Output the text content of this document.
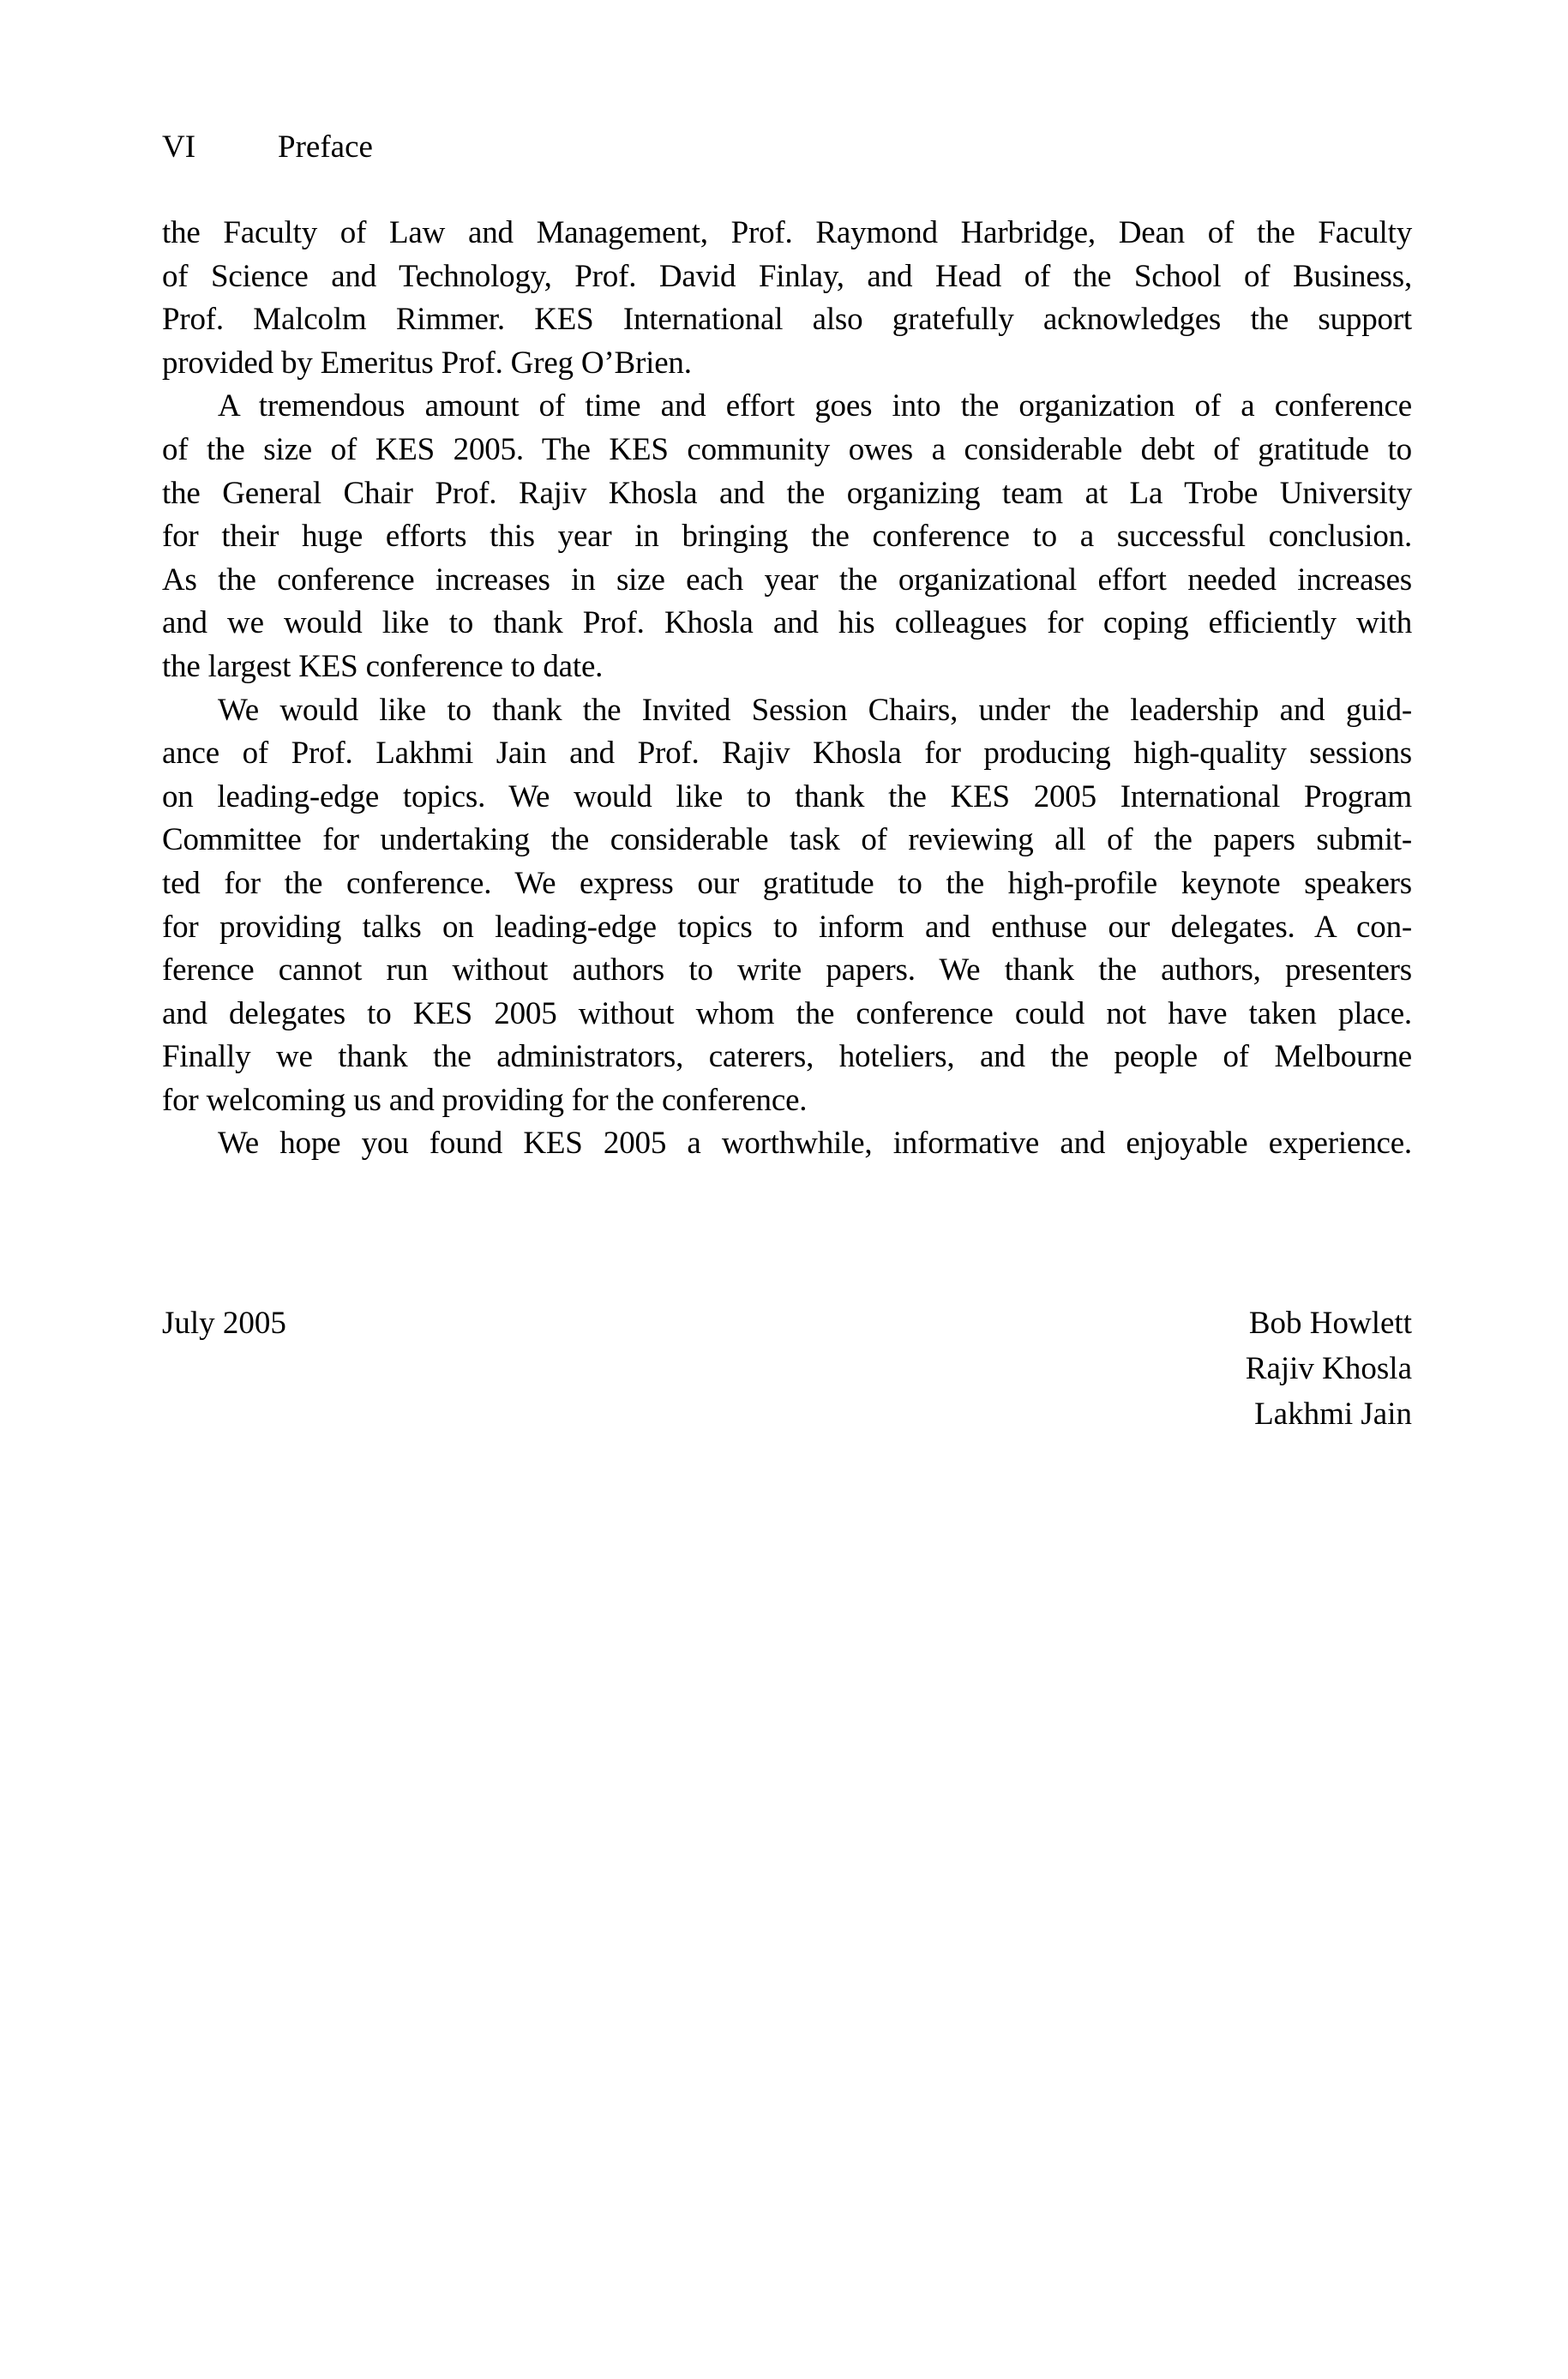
VI	Preface
the Faculty of Law and Management, Prof. Raymond Harbridge, Dean of the Faculty
of Science and Technology, Prof. David Finlay, and Head of the School of Business,
Prof. Malcolm Rimmer. KES International also gratefully acknowledges the support
provided by Emeritus Prof. Greg O’Brien.
A tremendous amount of time and effort goes into the organization of a conference
of the size of KES 2005. The KES community owes a considerable debt of gratitude to
the General Chair Prof. Rajiv Khosla and the organizing team at La Trobe University
for their huge efforts this year in bringing the conference to a successful conclusion.
As the conference increases in size each year the organizational effort needed increases
and we would like to thank Prof. Khosla and his colleagues for coping efficiently with
the largest KES conference to date.
We would like to thank the Invited Session Chairs, under the leadership and guid-
ance of Prof. Lakhmi Jain and Prof. Rajiv Khosla for producing high-quality sessions
on leading-edge topics. We would like to thank the KES 2005 International Program
Committee for undertaking the considerable task of reviewing all of the papers submit-
ted for the conference. We express our gratitude to the high-profile keynote speakers
for providing talks on leading-edge topics to inform and enthuse our delegates. A con-
ference cannot run without authors to write papers. We thank the authors, presenters
and delegates to KES 2005 without whom the conference could not have taken place.
Finally we thank the administrators, caterers, hoteliers, and the people of Melbourne
for welcoming us and providing for the conference.
We hope you found KES 2005 a worthwhile, informative and enjoyable experience.
July 2005	Bob Howlett
Rajiv Khosla
Lakhmi Jain
